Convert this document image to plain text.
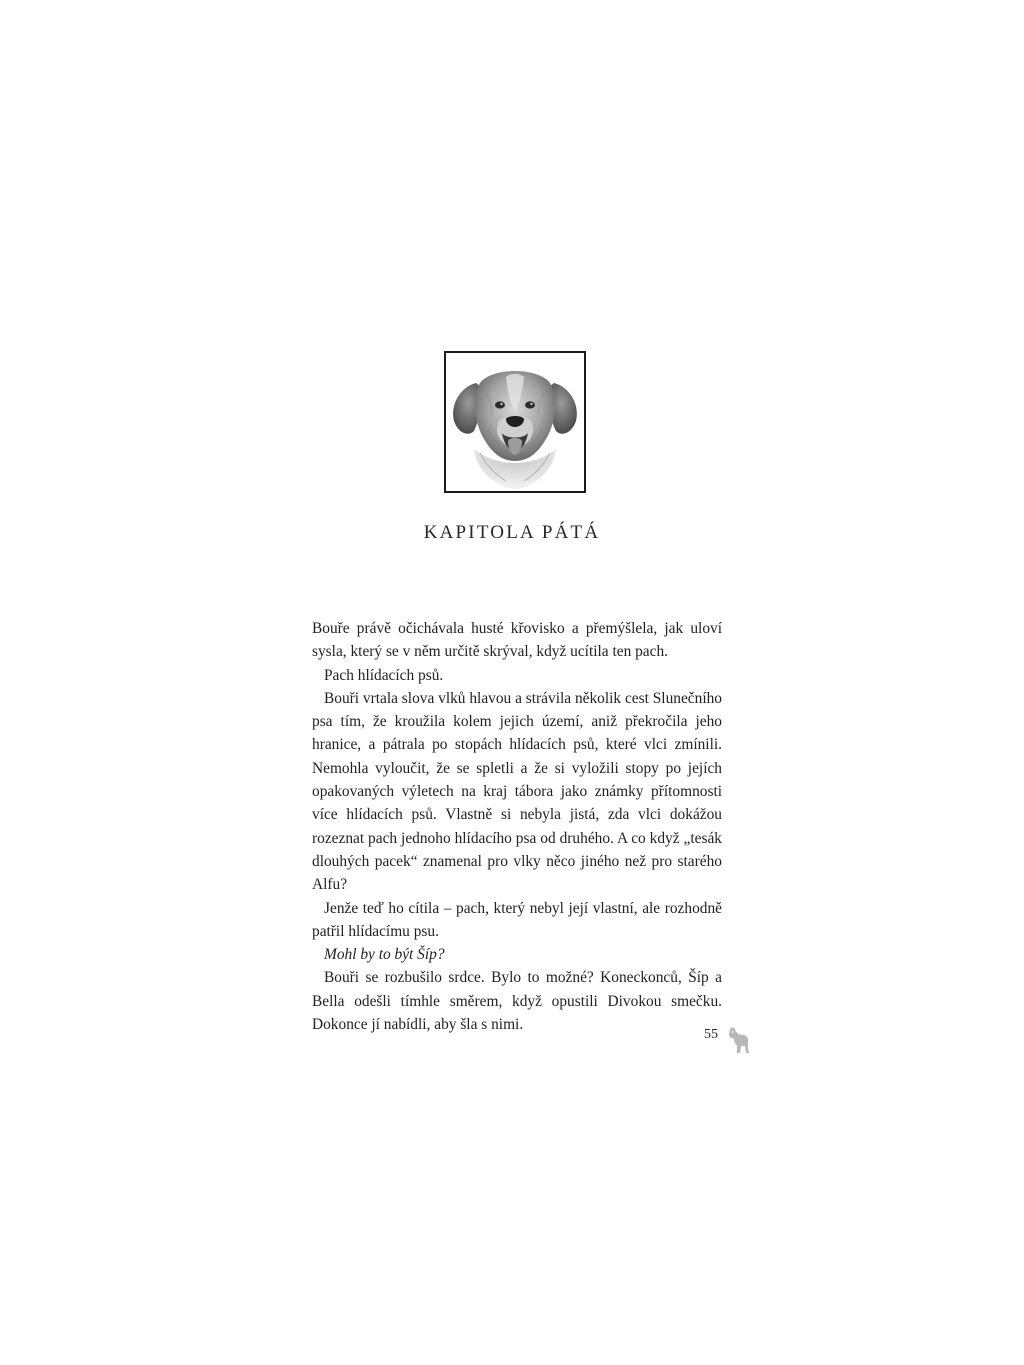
KAPITOLA PÁTÁ

Bouře právě očichávala husté křovisko a přemýšlela, jak uloví sysla, který se v něm určitě skrýval, když ucítila ten pach.

Pach hlídacích psů.

Bouři vrtala slova vlků hlavou a strávila několik cest Slunečního psa tím, že kroužila kolem jejich území, aniž překročila jeho hranice, a pátrala po stopách hlídacích psů, které vlci zmínili. Nemohla vyloučit, že se spletli a že si vyložili stopy po jejích opakovaných výletech na kraj tábora jako známky přítomnosti více hlídacích psů. Vlastně si nebyla jistá, zda vlci dokážou rozeznat pach jednoho hlídacího psa od druhého. A co když „tesák dlouhých pacek“ znamenal pro vlky něco jiného než pro starého Alfu?

Jenže teď ho cítila – pach, který nebyl její vlastní, ale rozhodně patřil hlídacímu psu.

Mohl by to být Šíp?

Bouři se rozbušilo srdce. Bylo to možné? Koneckonců, Šíp a Bella odešli tímhle směrem, když opustili Divokou smečku. Dokonce jí nabídli, aby šla s nimi.

55
